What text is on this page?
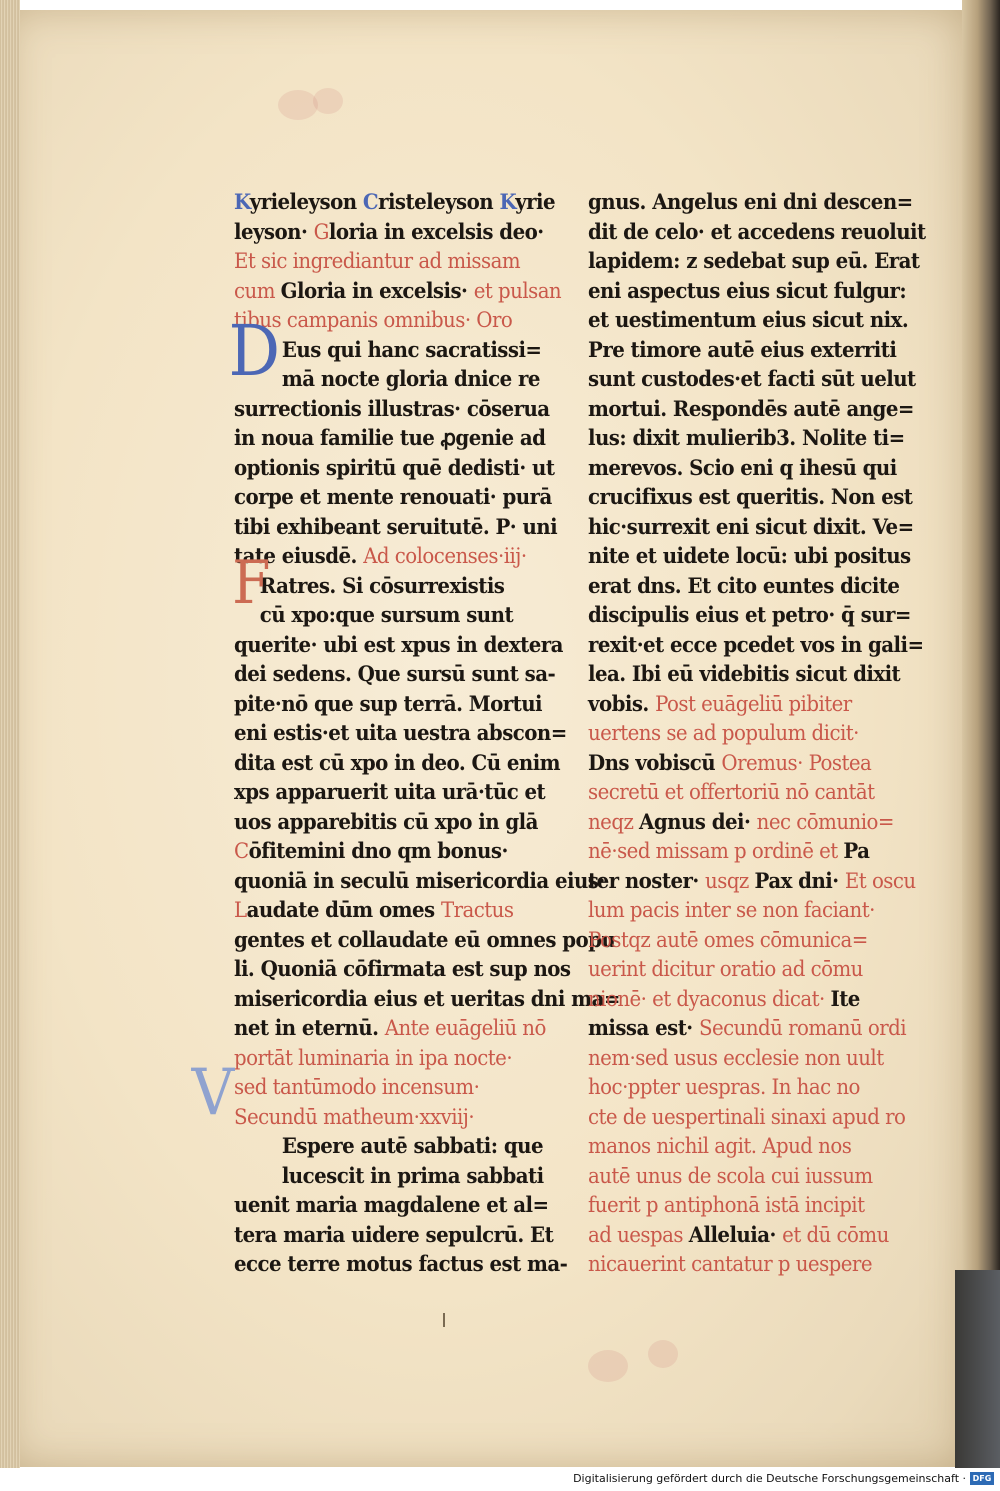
D
F
V
Kyrieleyson Cristeleyson Kyrie
leyson· Gloria in excelsis deo·
Et sic ingrediantur ad missam
cum Gloria in excelsis· et pulsan
tibus campanis omnibus· Oro
Eus qui hanc sacratissi=
mā nocte gloria dnice re
surrectionis illustras· cōserua
in noua familie tue ꝓgenie ad
optionis spiritū quē dedisti· ut
corpe et mente renouati· purā
tibi exhibeant seruitutē. P· uni
tate eiusdē. Ad colocenses·iij·
Ratres. Si cōsurrexistis
cū xpo:que sursum sunt
querite· ubi est xpus in dextera
dei sedens. Que sursū sunt sa-
pite·nō que sup terrā. Mortui
eni estis·et uita uestra abscon=
dita est cū xpo in deo. Cū enim
xps apparuerit uita urā·tūc et
uos apparebitis cū xpo in glā
Cōfitemini dno qm bonus·
quoniā in seculū misericordia eius·
Laudate dūm omes Tractus
gentes et collaudate eū omnes popu
li. Quoniā cōfirmata est sup nos
misericordia eius et ueritas dni ma=
net in eternū. Ante euāgeliū nō
portāt luminaria in ipa nocte·
sed tantūmodo incensum·
Secundū matheum·xxviij·
Espere autē sabbati: que
lucescit in prima sabbati
uenit maria magdalene et al=
tera maria uidere sepulcrū. Et
ecce terre motus factus est ma-
gnus. Angelus eni dni descen=
dit de celo· et accedens reuoluit
lapidem: z sedebat sup eū. Erat
eni aspectus eius sicut fulgur:
et uestimentum eius sicut nix.
Pre timore autē eius exterriti
sunt custodes·et facti sūt uelut
mortui. Respondēs autē ange=
lus: dixit mulierib3. Nolite ti=
merevos. Scio eni q ihesū qui
crucifixus est queritis. Non est
hic·surrexit eni sicut dixit. Ve=
nite et uidete locū: ubi positus
erat dns. Et cito euntes dicite
discipulis eius et petro· q̄ sur=
rexit·et ecce pcedet vos in gali=
lea. Ibi eū videbitis sicut dixit
vobis. Post euāgeliū pibiter
uertens se ad populum dicit·
Dns vobiscū Oremus· Postea
secretū et offertoriū nō cantāt
neqz Agnus dei· nec cōmunio=
nē·sed missam p ordinē et Pa
ter noster· usqz Pax dni· Et oscu
lum pacis inter se non faciant·
Postqz autē omes cōmunica=
uerint dicitur oratio ad cōmu
nionē· et dyaconus dicat· Ite
missa est· Secundū romanū ordi
nem·sed usus ecclesie non uult
hoc·ppter uespras. In hac no
cte de uespertinali sinaxi apud ro
manos nichil agit. Apud nos
autē unus de scola cui iussum
fuerit p antiphonā istā incipit
ad uespas Alleluia· et dū cōmu
nicauerint cantatur p uespere
Digitalisierung gefördert durch die Deutsche Forschungsgemeinschaft · DFG
